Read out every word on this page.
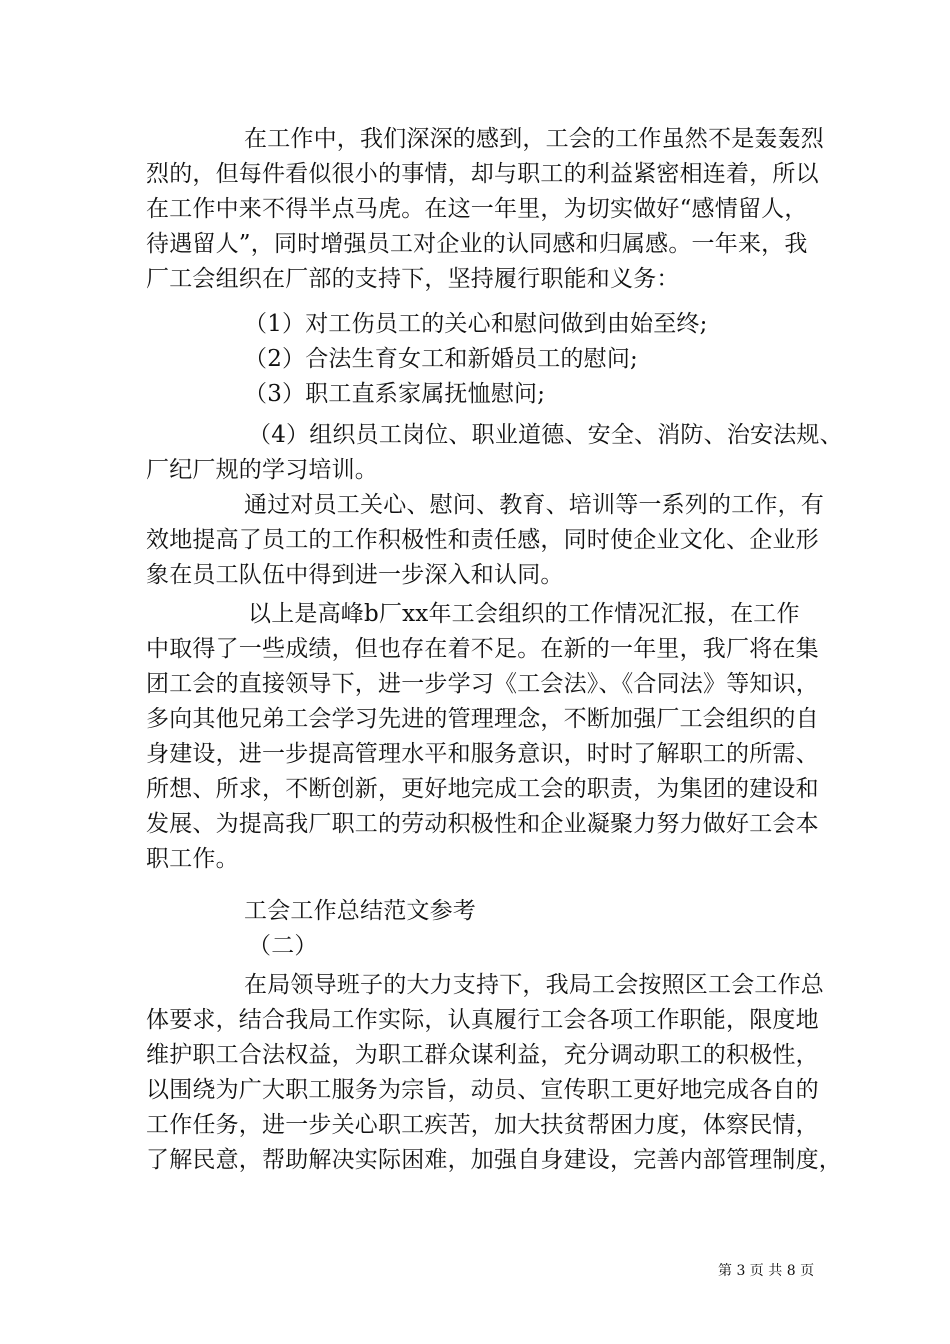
在工作中，我们深深的感到，工会的工作虽然不是轰轰烈
烈的，但每件看似很小的事情，却与职工的利益紧密相连着，所以
在工作中来不得半点马虎。在这一年里，为切实做好“感情留人，
待遇留人”，同时增强员工对企业的认同感和归属感。一年来，我
厂工会组织在厂部的支持下，坚持履行职能和义务：
（1）对工伤员工的关心和慰问做到由始至终;
（2）合法生育女工和新婚员工的慰问;
（3）职工直系家属抚恤慰问;
（4）组织员工岗位、职业道德、安全、消防、治安法规、
厂纪厂规的学习培训。
通过对员工关心、慰问、教育、培训等一系列的工作，有
效地提高了员工的工作积极性和责任感，同时使企业文化、企业形
象在员工队伍中得到进一步深入和认同。
以上是高峰b厂xx年工会组织的工作情况汇报，在工作
中取得了一些成绩，但也存在着不足。在新的一年里，我厂将在集
团工会的直接领导下，进一步学习《工会法》、《合同法》等知识，
多向其他兄弟工会学习先进的管理理念，不断加强厂工会组织的自
身建设，进一步提高管理水平和服务意识，时时了解职工的所需、
所想、所求，不断创新，更好地完成工会的职责，为集团的建设和
发展、为提高我厂职工的劳动积极性和企业凝聚力努力做好工会本
职工作。
工会工作总结范文参考
（二）
在局领导班子的大力支持下，我局工会按照区工会工作总
体要求，结合我局工作实际，认真履行工会各项工作职能，限度地
维护职工合法权益，为职工群众谋利益，充分调动职工的积极性，
以围绕为广大职工服务为宗旨，动员、宣传职工更好地完成各自的
工作任务，进一步关心职工疾苦，加大扶贫帮困力度，体察民情，
了解民意，帮助解决实际困难，加强自身建设，完善内部管理制度，
第 3 页 共 8 页
